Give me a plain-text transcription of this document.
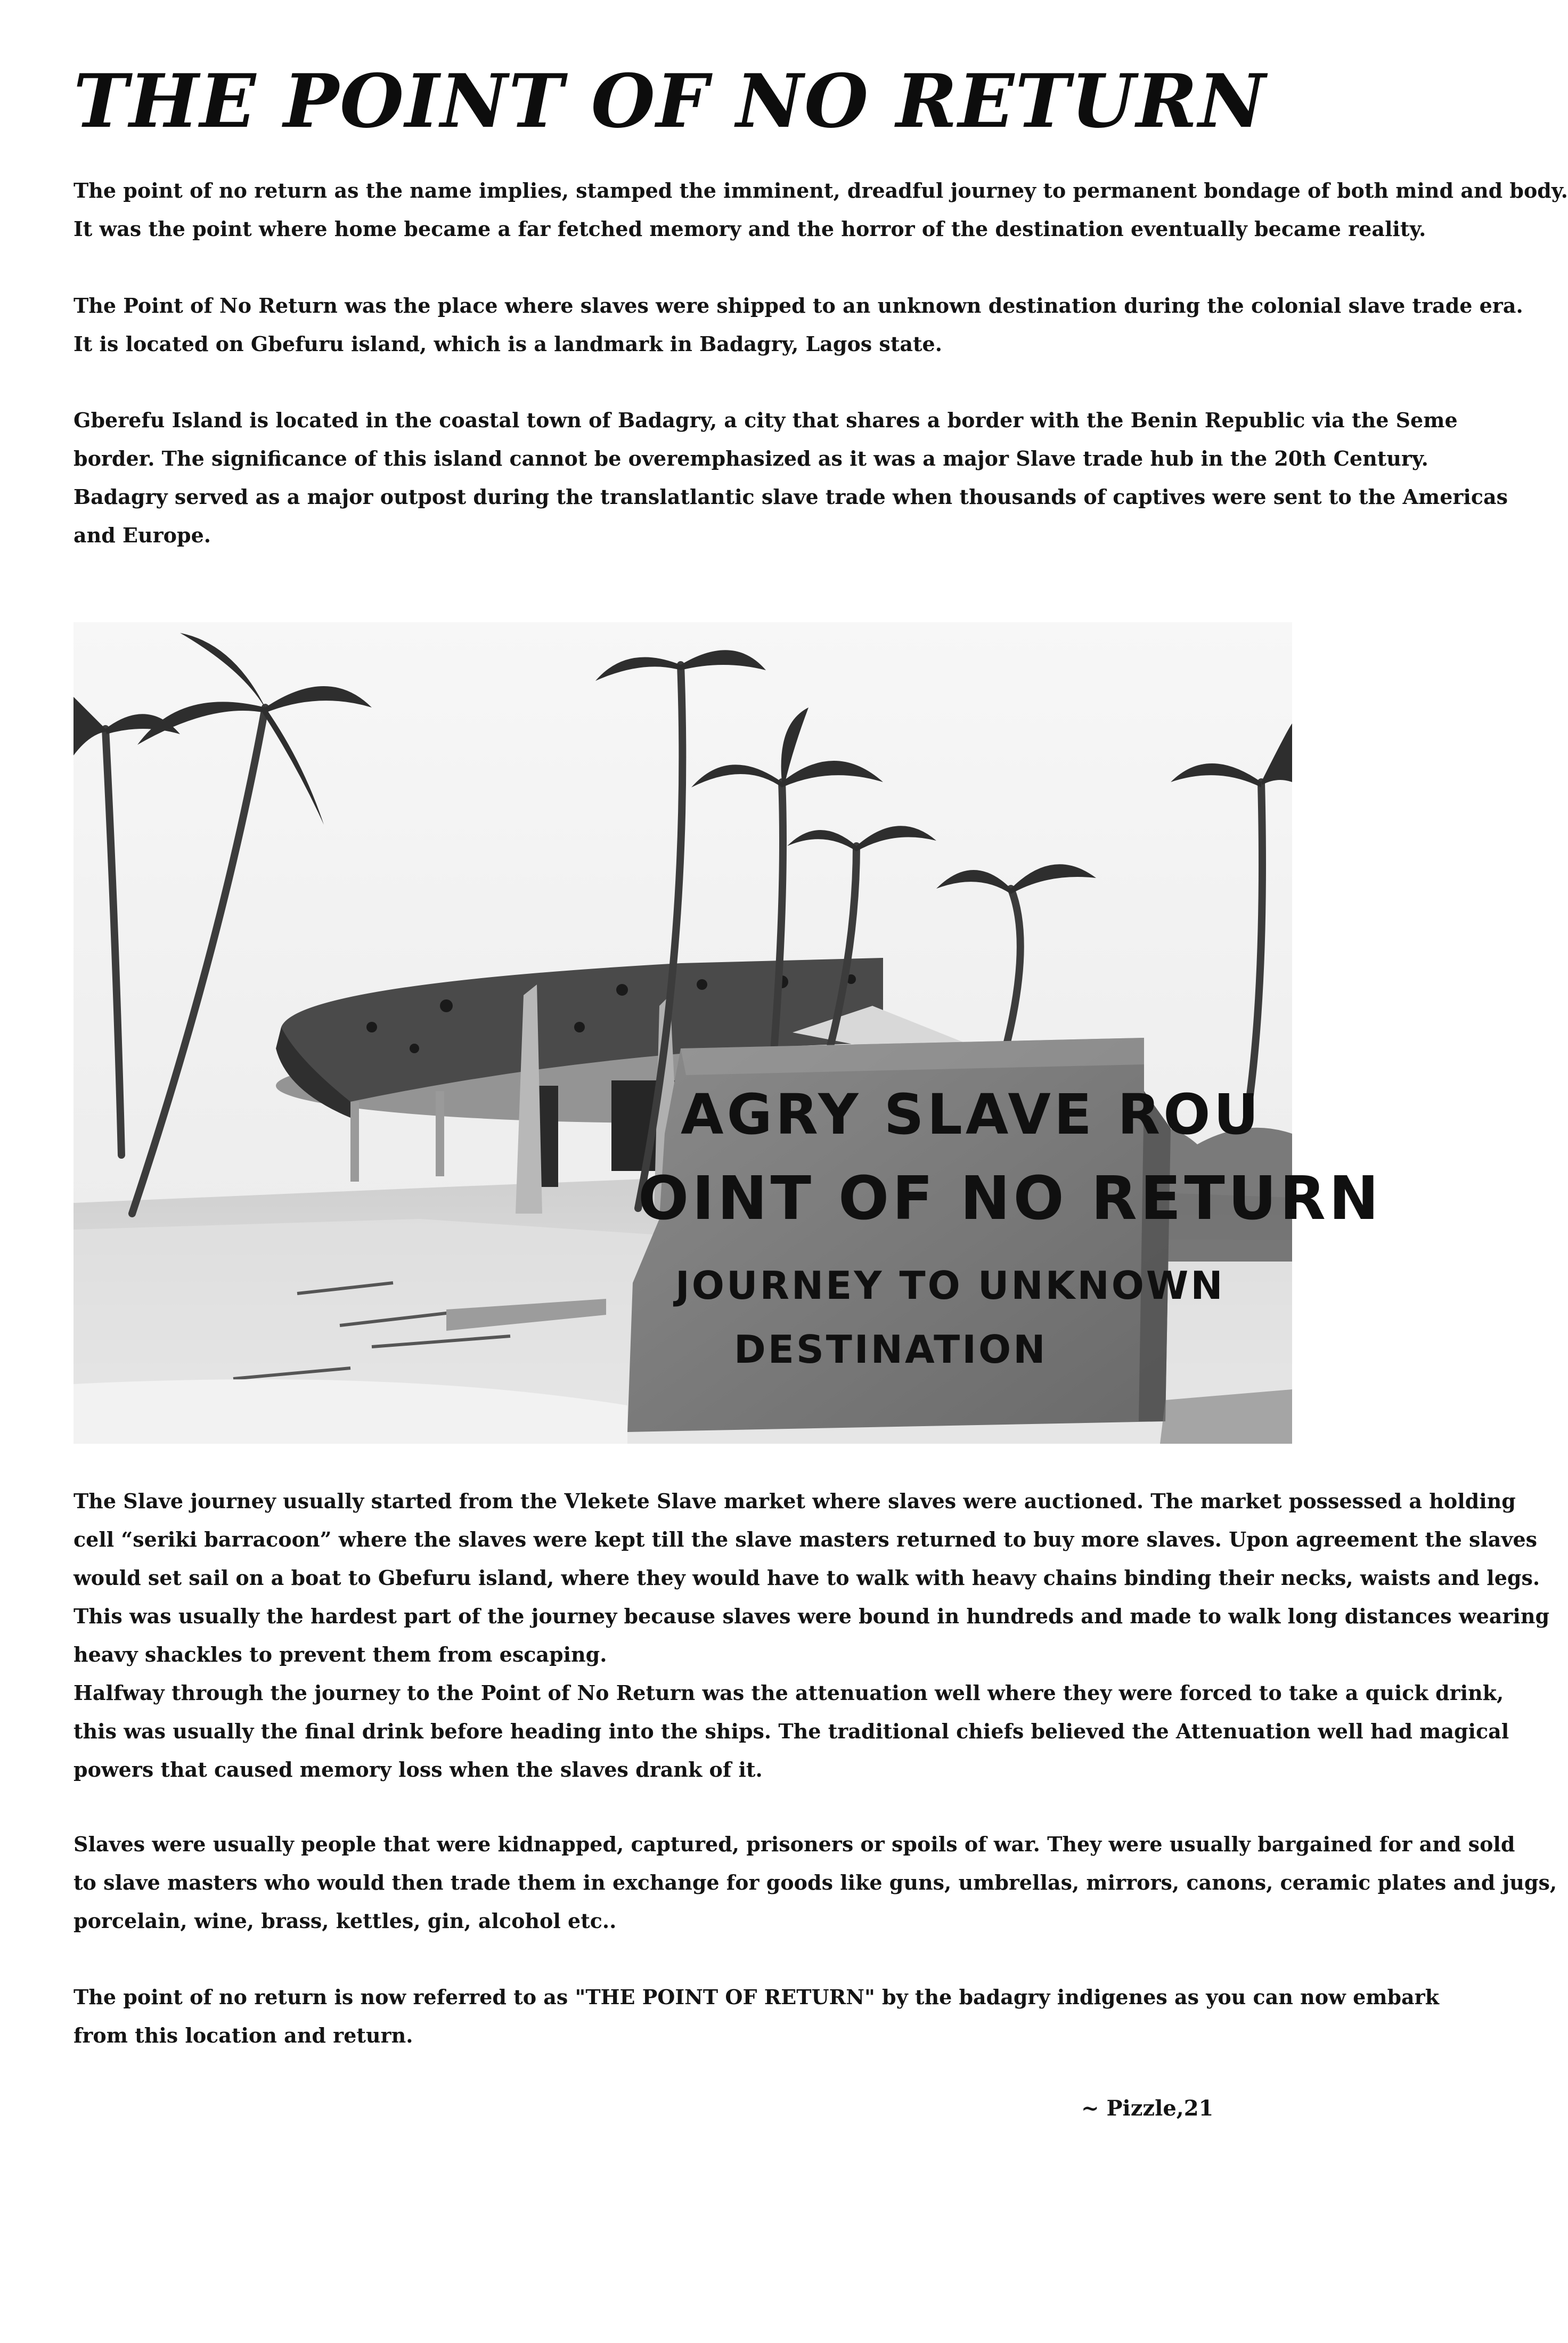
THE POINT OF NO RETURN

The point of no return as the name implies, stamped the imminent, dreadful journey to permanent bondage of both mind and body.
It was the point where home became a far fetched memory and the horror of the destination eventually became reality.

The Point of No Return was the place where slaves were shipped to an unknown destination during the colonial slave trade era.
It is located on Gbefuru island, which is a landmark in Badagry, Lagos state.

Gberefu Island is located in the coastal town of Badagry, a city that shares a border with the Benin Republic via the Seme
border. The significance of this island cannot be overemphasized as it was a major Slave trade hub in the 20th Century.
Badagry served as a major outpost during the translatlantic slave trade when thousands of captives were sent to the Americas
and Europe.

AGRY SLAVE ROU
OINT OF NO RETURN
JOURNEY TO UNKNOWN
DESTINATION

The Slave journey usually started from the Vlekete Slave market where slaves were auctioned. The market possessed a holding
cell “seriki barracoon” where the slaves were kept till the slave masters returned to buy more slaves. Upon agreement the slaves
would set sail on a boat to Gbefuru island, where they would have to walk with heavy chains binding their necks, waists and legs.
This was usually the hardest part of the journey because slaves were bound in hundreds and made to walk long distances wearing
heavy shackles to prevent them from escaping.
Halfway through the journey to the Point of No Return was the attenuation well where they were forced to take a quick drink,
this was usually the final drink before heading into the ships. The traditional chiefs believed the Attenuation well had magical
powers that caused memory loss when the slaves drank of it.

Slaves were usually people that were kidnapped, captured, prisoners or spoils of war. They were usually bargained for and sold
to slave masters who would then trade them in exchange for goods like guns, umbrellas, mirrors, canons, ceramic plates and jugs,
porcelain, wine, brass, kettles, gin, alcohol etc..

The point of no return is now referred to as "THE POINT OF RETURN" by the badagry indigenes as you can now embark
from this location and return.

~ Pizzle,21
